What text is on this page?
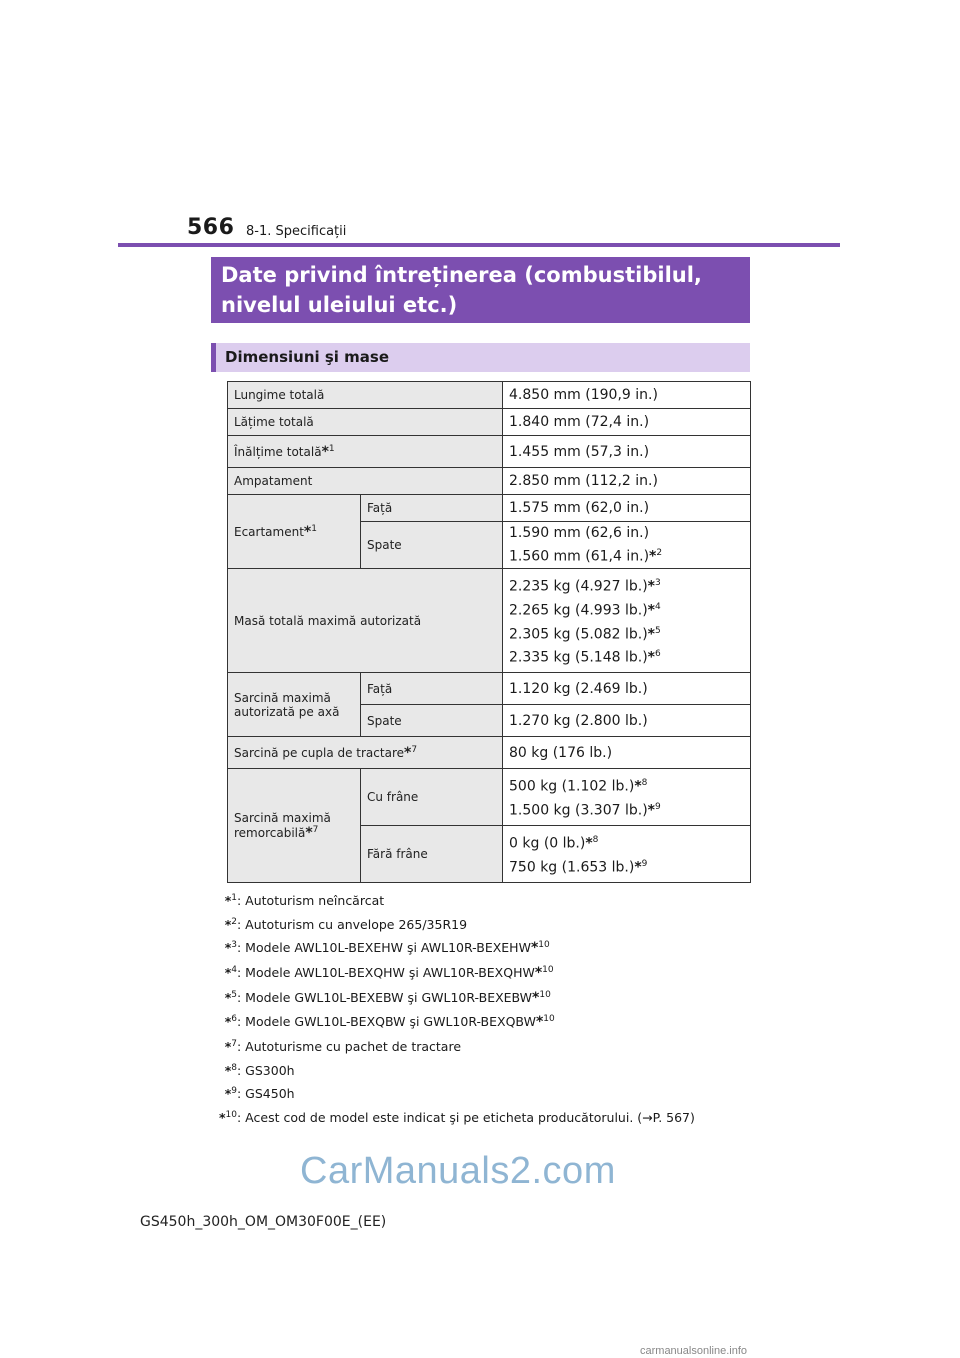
566 8-1. Specificații
Date privind întreținerea (combustibilul, nivelul uleiului etc.)
Dimensiuni şi mase
Lungime totală		4.850 mm (190,9 in.)
Lățime totală		1.840 mm (72,4 in.)
Înălțime totală*$^1$		1.455 mm (57,3 in.)
Ampatament		2.850 mm (112,2 in.)
Ecartament*$^1$	Față	1.575 mm (62,0 in.)
	Spate	1.590 mm (62,6 in.)
1.560 mm (61,4 in.)*$^2$

Masă totală maximă autorizată		2.235 kg (4.927 lb.)*$^3$
2.265 kg (4.993 lb.)*$^4$
2.305 kg (5.082 lb.)*$^5$
2.335 kg (5.148 lb.)*$^6$

Sarcină maximă autorizată pe axă	Față	1.120 kg (2.469 lb.)
	Spate	1.270 kg (2.800 lb.)
Sarcină pe cupla de tractare*$^7$		80 kg (176 lb.)
Sarcină maximă remorcabilă*$^7$	Cu frâne	500 kg (1.102 lb.)*$^8$
1.500 kg (3.307 lb.)*$^9$

	Fără frâne	0 kg (0 lb.)*$^8$
750 kg (1.653 lb.)*$^9$
*$^1$: Autoturism neîncărcat
*$^2$: Autoturism cu anvelope 265/35R19
*$^3$: Modele AWL10L-BEXEHW şi AWL10R-BEXEHW*$^{10}$
*$^4$: Modele AWL10L-BEXQHW şi AWL10R-BEXQHW*$^{10}$
*$^5$: Modele GWL10L-BEXEBW şi GWL10R-BEXEBW*$^{10}$
*$^6$: Modele GWL10L-BEXQBW şi GWL10R-BEXQBW*$^{10}$
*$^7$: Autoturisme cu pachet de tractare
*$^8$: GS300h
*$^9$: GS450h
*$^{10}$: Acest cod de model este indicat şi pe eticheta producătorului. (→P. 567)
CarManuals2.com
GS450h_300h_OM_OM30F00E_(EE)
carmanualsonline.info
